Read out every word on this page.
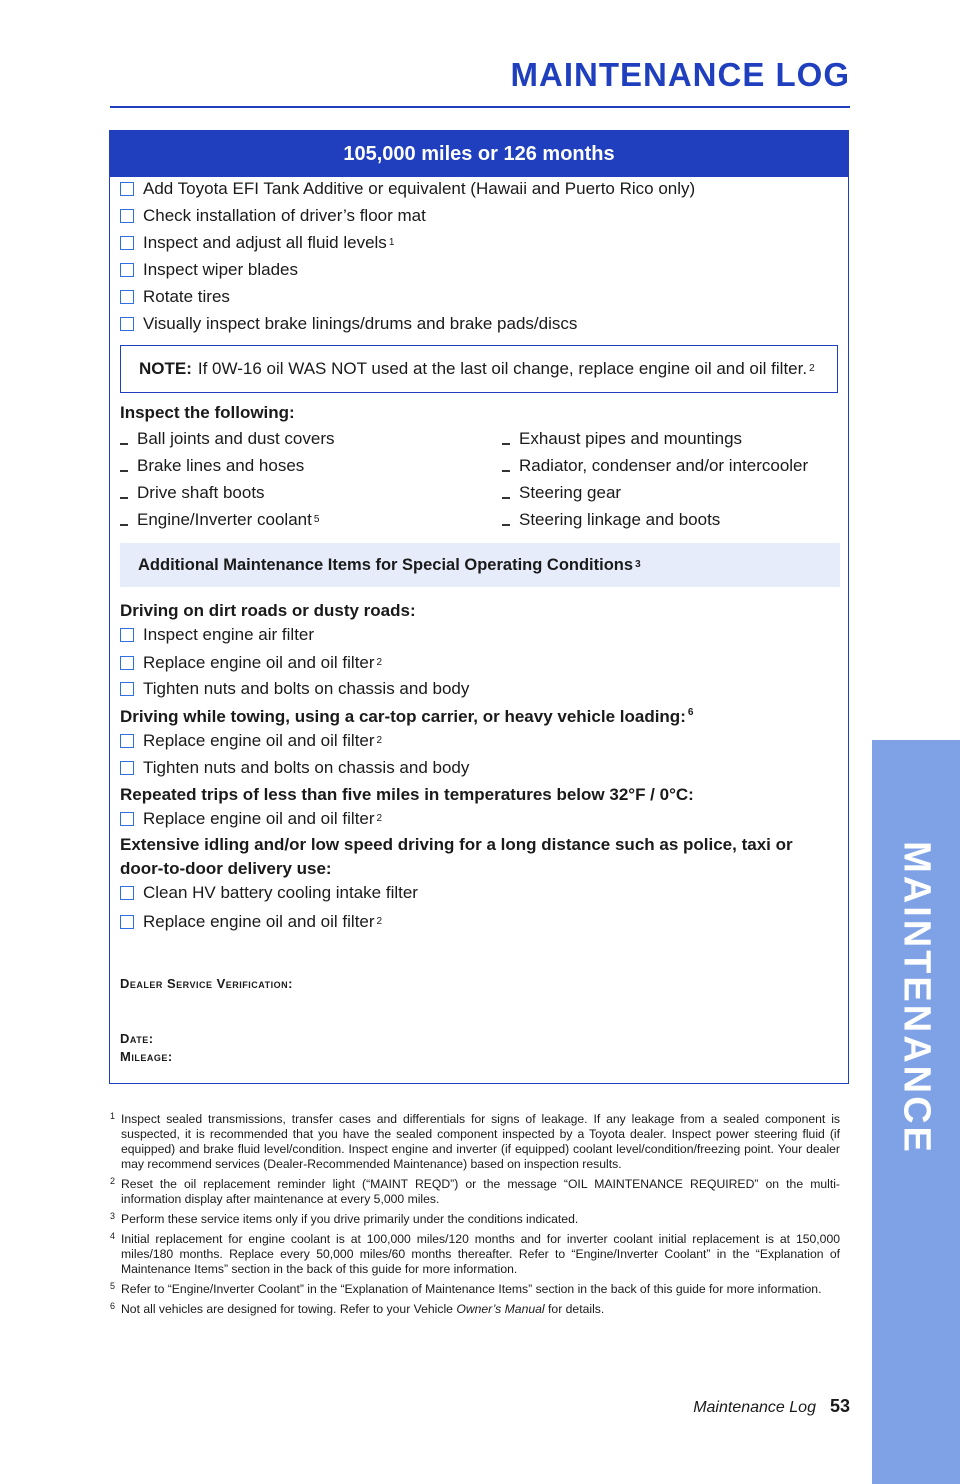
MAINTENANCE LOG
105,000 miles or 126 months
Add Toyota EFI Tank Additive or equivalent (Hawaii and Puerto Rico only)
Check installation of driver’s floor mat
Inspect and adjust all fluid levels 1
Inspect wiper blades
Rotate tires
Visually inspect brake linings/drums and brake pads/discs
NOTE: If 0W-16 oil WAS NOT used at the last oil change, replace engine oil and oil filter. 2
Inspect the following:
Ball joints and dust covers
Brake lines and hoses
Drive shaft boots
Engine/Inverter coolant 5
Exhaust pipes and mountings
Radiator, condenser and/or intercooler
Steering gear
Steering linkage and boots
Additional Maintenance Items for Special Operating Conditions 3
Driving on dirt roads or dusty roads:
Inspect engine air filter
Replace engine oil and oil filter 2
Tighten nuts and bolts on chassis and body
Driving while towing, using a car-top carrier, or heavy vehicle loading: $^6$
Replace engine oil and oil filter 2
Tighten nuts and bolts on chassis and body
Repeated trips of less than five miles in temperatures below 32°F / 0°C:
Replace engine oil and oil filter 2
Extensive idling and/or low speed driving for a long distance such as police, taxi or
door-to-door delivery use:
Clean HV battery cooling intake filter
Replace engine oil and oil filter 2
Dealer Service Verification:
Date:
Mileage:
1 Inspect sealed transmissions, transfer cases and differentials for signs of leakage. If any leakage from a sealed component is suspected, it is recommended that you have the sealed component inspected by a Toyota dealer. Inspect power steering fluid (if equipped) and brake fluid level/condition. Inspect engine and inverter (if equipped) coolant level/condition/freezing point. Your dealer may recommend services (Dealer-Recommended Maintenance) based on inspection results.
2 Reset the oil replacement reminder light (“MAINT REQD”) or the message “OIL MAINTENANCE REQUIRED” on the multi-information display after maintenance at every 5,000 miles.
3 Perform these service items only if you drive primarily under the conditions indicated.
4 Initial replacement for engine coolant is at 100,000 miles/120 months and for inverter coolant initial replacement is at 150,000 miles/180 months. Replace every 50,000 miles/60 months thereafter. Refer to “Engine/Inverter Coolant” in the “Explanation of Maintenance Items” section in the back of this guide for more information.
5 Refer to “Engine/Inverter Coolant” in the “Explanation of Maintenance Items” section in the back of this guide for more information.
6 Not all vehicles are designed for towing. Refer to your Vehicle Owner’s Manual for details.
Maintenance Log 53
MAINTENANCE
